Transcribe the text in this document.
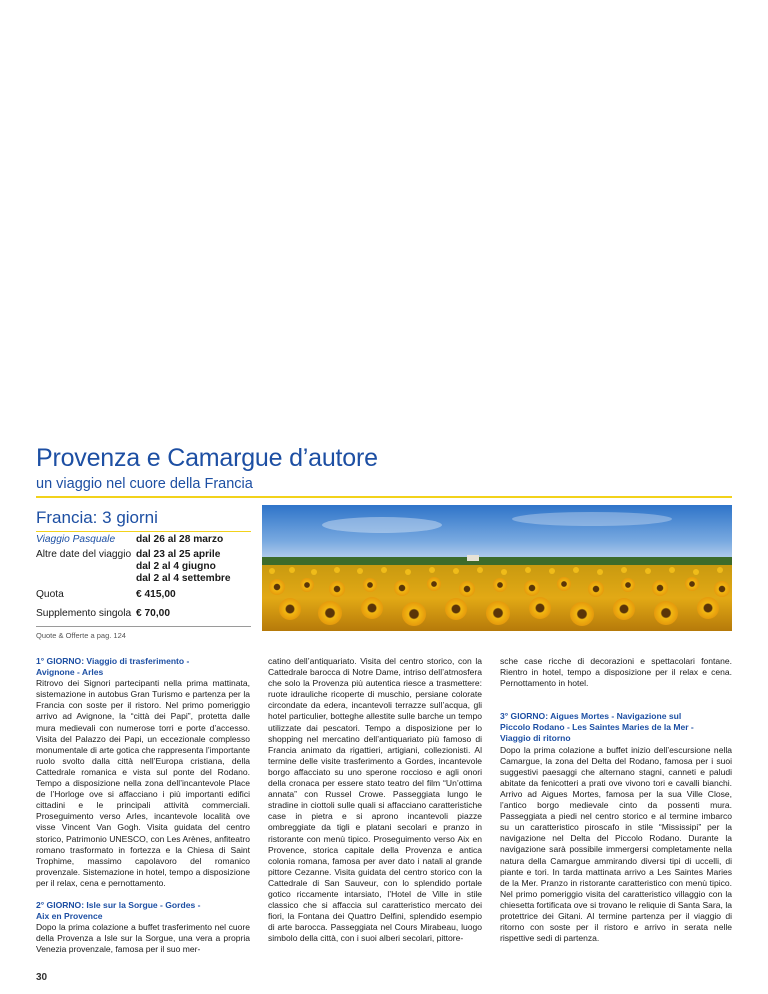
Provenza e Camargue d’autore
un viaggio nel cuore della Francia
Francia: 3 giorni
Viaggio Pasquale dal 26 al 28 marzo
Altre date del viaggio dal 23 al 25 aprile
dal 2 al 4 giugno
dal 2 al 4 settembre
Quota	€ 415,00
Supplemento singola € 70,00
Quote & Offerte a pag. 124

1° GIORNO: Viaggio di trasferimento -

Avignone - Arles

Ritrovo dei Signori partecipanti nella prima mattinata, sistemazione in autobus Gran Turismo e partenza per la Francia con soste per il ristoro. Nel primo pomeriggio arrivo ad Avignone, la “città dei Papi”, protetta dalle mura medievali con numerose torri e porte d’accesso. Visita del Palazzo dei Papi, un eccezionale complesso monumentale di arte gotica che rappresenta l’importante ruolo svolto dalla città nell’Europa cristiana, della Cattedrale romanica e vista sul ponte del Rodano. Tempo a disposizione nella zona dell’incantevole Place de l’Horloge ove si affacciano i più importanti edifici cittadini e le principali attività commerciali. Proseguimento verso Arles, incantevole località ove visse Vincent Van Gogh. Visita guidata del centro storico, Patrimonio UNESCO, con Les Arènes, anfiteatro romano trasformato in fortezza e la Chiesa di Saint Trophime, massimo capolavoro del romanico provenzale. Sistemazione in hotel, tempo a disposizione per il relax, cena e pernottamento.

2° GIORNO: Isle sur la Sorgue - Gordes -

Aix en Provence

Dopo la prima colazione a buffet trasferimento nel cuore della Provenza a Isle sur la Sorgue, una vera a propria Venezia provenzale, famosa per il suo mer-

catino dell’antiquariato. Visita del centro storico, con la Cattedrale barocca di Notre Dame, intriso dell’atmosfera che solo la Provenza più autentica riesce a trasmettere: ruote idrauliche ricoperte di muschio, persiane colorate circondate da edera, incantevoli terrazze sull’acqua, gli hotel particulier, botteghe allestite sulle barche un tempo utilizzate dai pescatori. Tempo a disposizione per lo shopping nel mercatino dell’antiquariato più famoso di Francia animato da rigattieri, artigiani, collezionisti. Al termine delle visite trasferimento a Gordes, incantevole borgo affacciato su uno sperone roccioso e agli onori della cronaca per essere stato teatro del film “Un’ottima annata” con Russel Crowe. Passeggiata lungo le stradine in ciottoli sulle quali si affacciano caratteristiche case in pietra e si aprono incantevoli piazze ombreggiate da tigli e platani secolari e pranzo in ristorante con menù tipico. Proseguimento verso Aix en Provence, storica capitale della Provenza e antica colonia romana, famosa per aver dato i natali al grande pittore Cezanne. Visita guidata del centro storico con la Cattedrale di San Sauveur, con lo splendido portale gotico riccamente intarsiato, l’Hotel de Ville in stile classico che si affaccia sul caratteristico mercato dei fiori, la Fontana dei Quattro Delfini, splendido esempio di arte barocca. Passeggiata nel Cours Mirabeau, luogo simbolo della città, con i suoi alberi secolari, pittore-

sche case ricche di decorazioni e spettacolari fontane. Rientro in hotel, tempo a disposizione per il relax e cena. Pernottamento in hotel.

3° GIORNO: Aigues Mortes - Navigazione sul

Piccolo Rodano - Les Saintes Maries de la Mer -

Viaggio di ritorno

Dopo la prima colazione a buffet inizio dell’escursione nella Camargue, la zona del Delta del Rodano, famosa per i suoi suggestivi paesaggi che alternano stagni, canneti e paludi abitate da fenicotteri a prati ove vivono tori e cavalli bianchi. Arrivo ad Aigues Mortes, famosa per la sua Ville Close, l’antico borgo medievale cinto da possenti mura. Passeggiata a piedi nel centro storico e al termine imbarco su un caratteristico piroscafo in stile “Mississipi” per la navigazione nel Delta del Piccolo Rodano. Durante la navigazione sarà possibile immergersi completamente nella natura della Camargue ammirando diversi tipi di uccelli, di piante e tori. In tarda mattinata arrivo a Les Saintes Maries de la Mer. Pranzo in ristorante caratteristico con menù tipico. Nel primo pomeriggio visita del caratteristico villaggio con la chiesetta fortificata ove si trovano le reliquie di Santa Sara, la protettrice dei Gitani. Al termine partenza per il viaggio di ritorno con soste per il ristoro e arrivo in serata nelle rispettive sedi di partenza.

30
